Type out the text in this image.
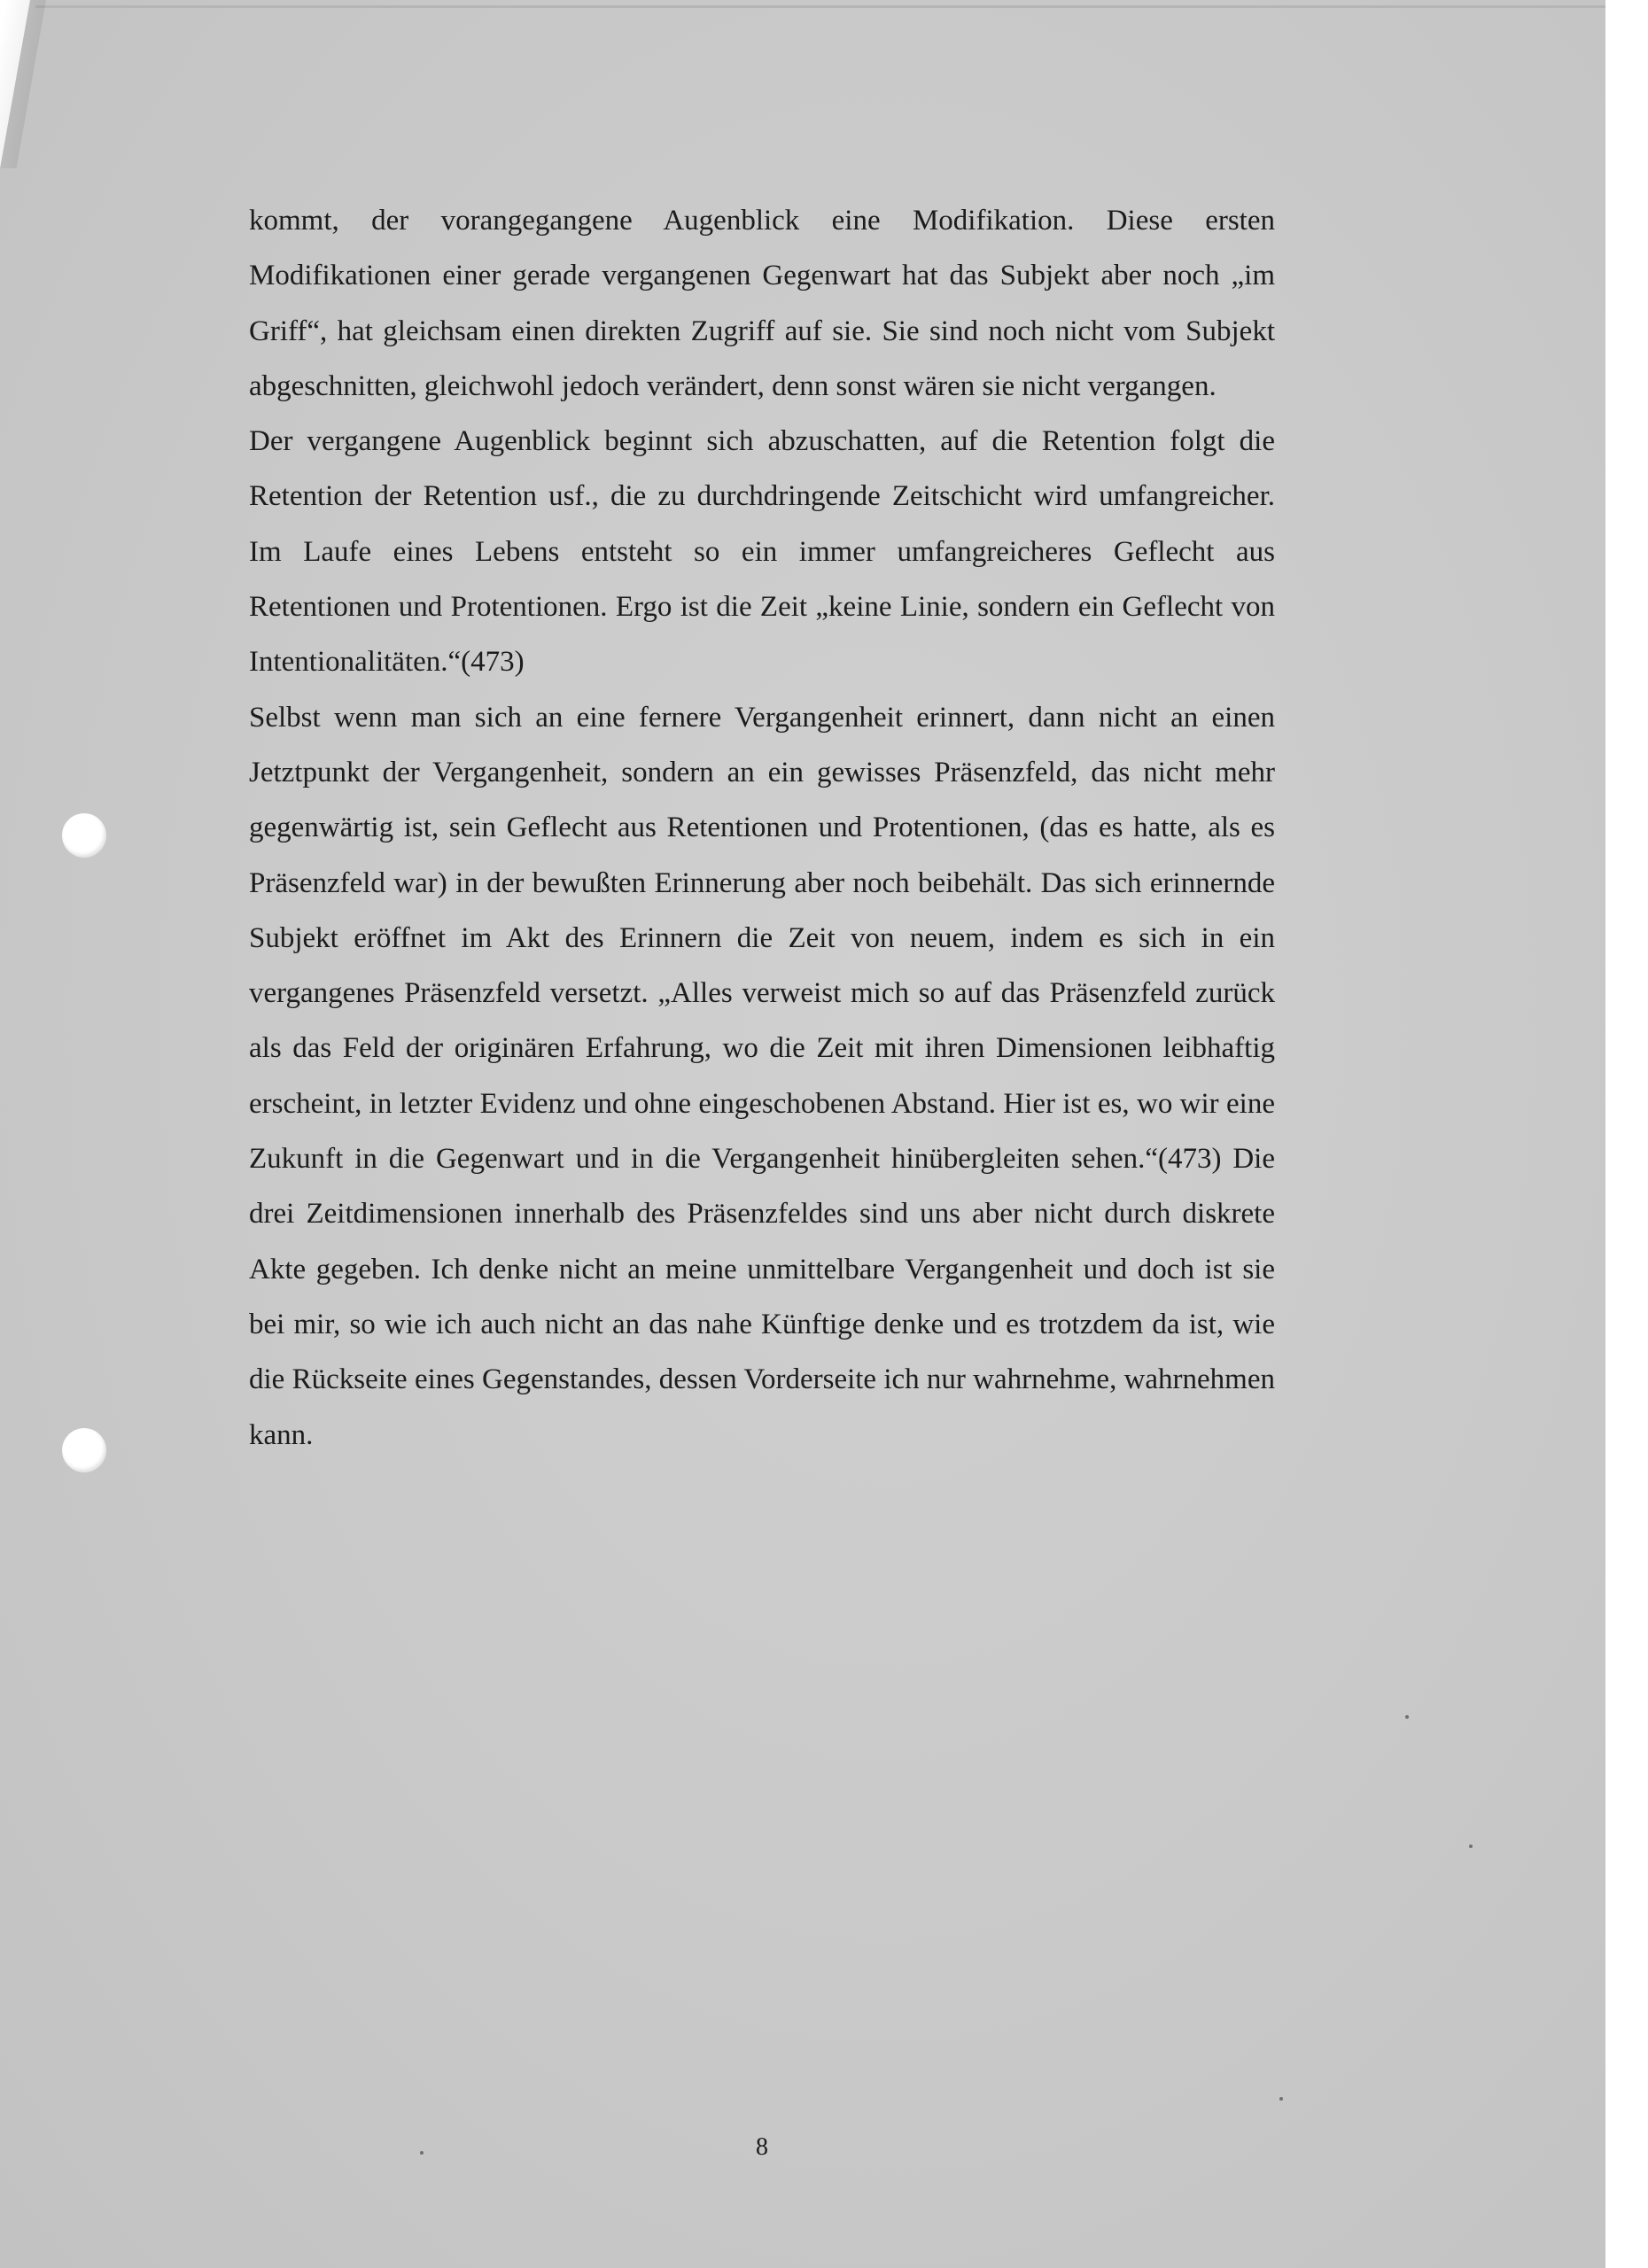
kommt, der vorangegangene Augenblick eine Modifikation. Diese ersten Modifikationen einer gerade vergangenen Gegenwart hat das Subjekt aber noch „im Griff“, hat gleichsam einen direkten Zugriff auf sie. Sie sind noch nicht vom Subjekt abgeschnitten, gleichwohl jedoch verändert, denn sonst wären sie nicht vergangen.

Der vergangene Augenblick beginnt sich abzuschatten, auf die Retention folgt die Retention der Retention usf., die zu durchdringende Zeitschicht wird umfangreicher. Im Laufe eines Lebens entsteht so ein immer umfangreicheres Geflecht aus Retentionen und Protentionen. Ergo ist die Zeit „keine Linie, sondern ein Geflecht von Intentionalitäten.“(473)

Selbst wenn man sich an eine fernere Vergangenheit erinnert, dann nicht an einen Jetztpunkt der Vergangenheit, sondern an ein gewisses Präsenzfeld, das nicht mehr gegenwärtig ist, sein Geflecht aus Retentionen und Protentionen, (das es hatte, als es Präsenzfeld war) in der bewußten Erinnerung aber noch beibehält. Das sich erinnernde Subjekt eröffnet im Akt des Erinnern die Zeit von neuem, indem es sich in ein vergangenes Präsenzfeld versetzt. „Alles verweist mich so auf das Präsenzfeld zurück als das Feld der originären Erfahrung, wo die Zeit mit ihren Dimensionen leibhaftig erscheint, in letzter Evidenz und ohne eingeschobenen Abstand. Hier ist es, wo wir eine Zukunft in die Gegenwart und in die Vergangenheit hinübergleiten sehen.“(473) Die drei Zeitdimensionen innerhalb des Präsenzfeldes sind uns aber nicht durch diskrete Akte gegeben. Ich denke nicht an meine unmittelbare Vergangenheit und doch ist sie bei mir, so wie ich auch nicht an das nahe Künftige denke und es trotzdem da ist, wie die Rückseite eines Gegenstandes, dessen Vorderseite ich nur wahrnehme, wahrnehmen kann.

8
